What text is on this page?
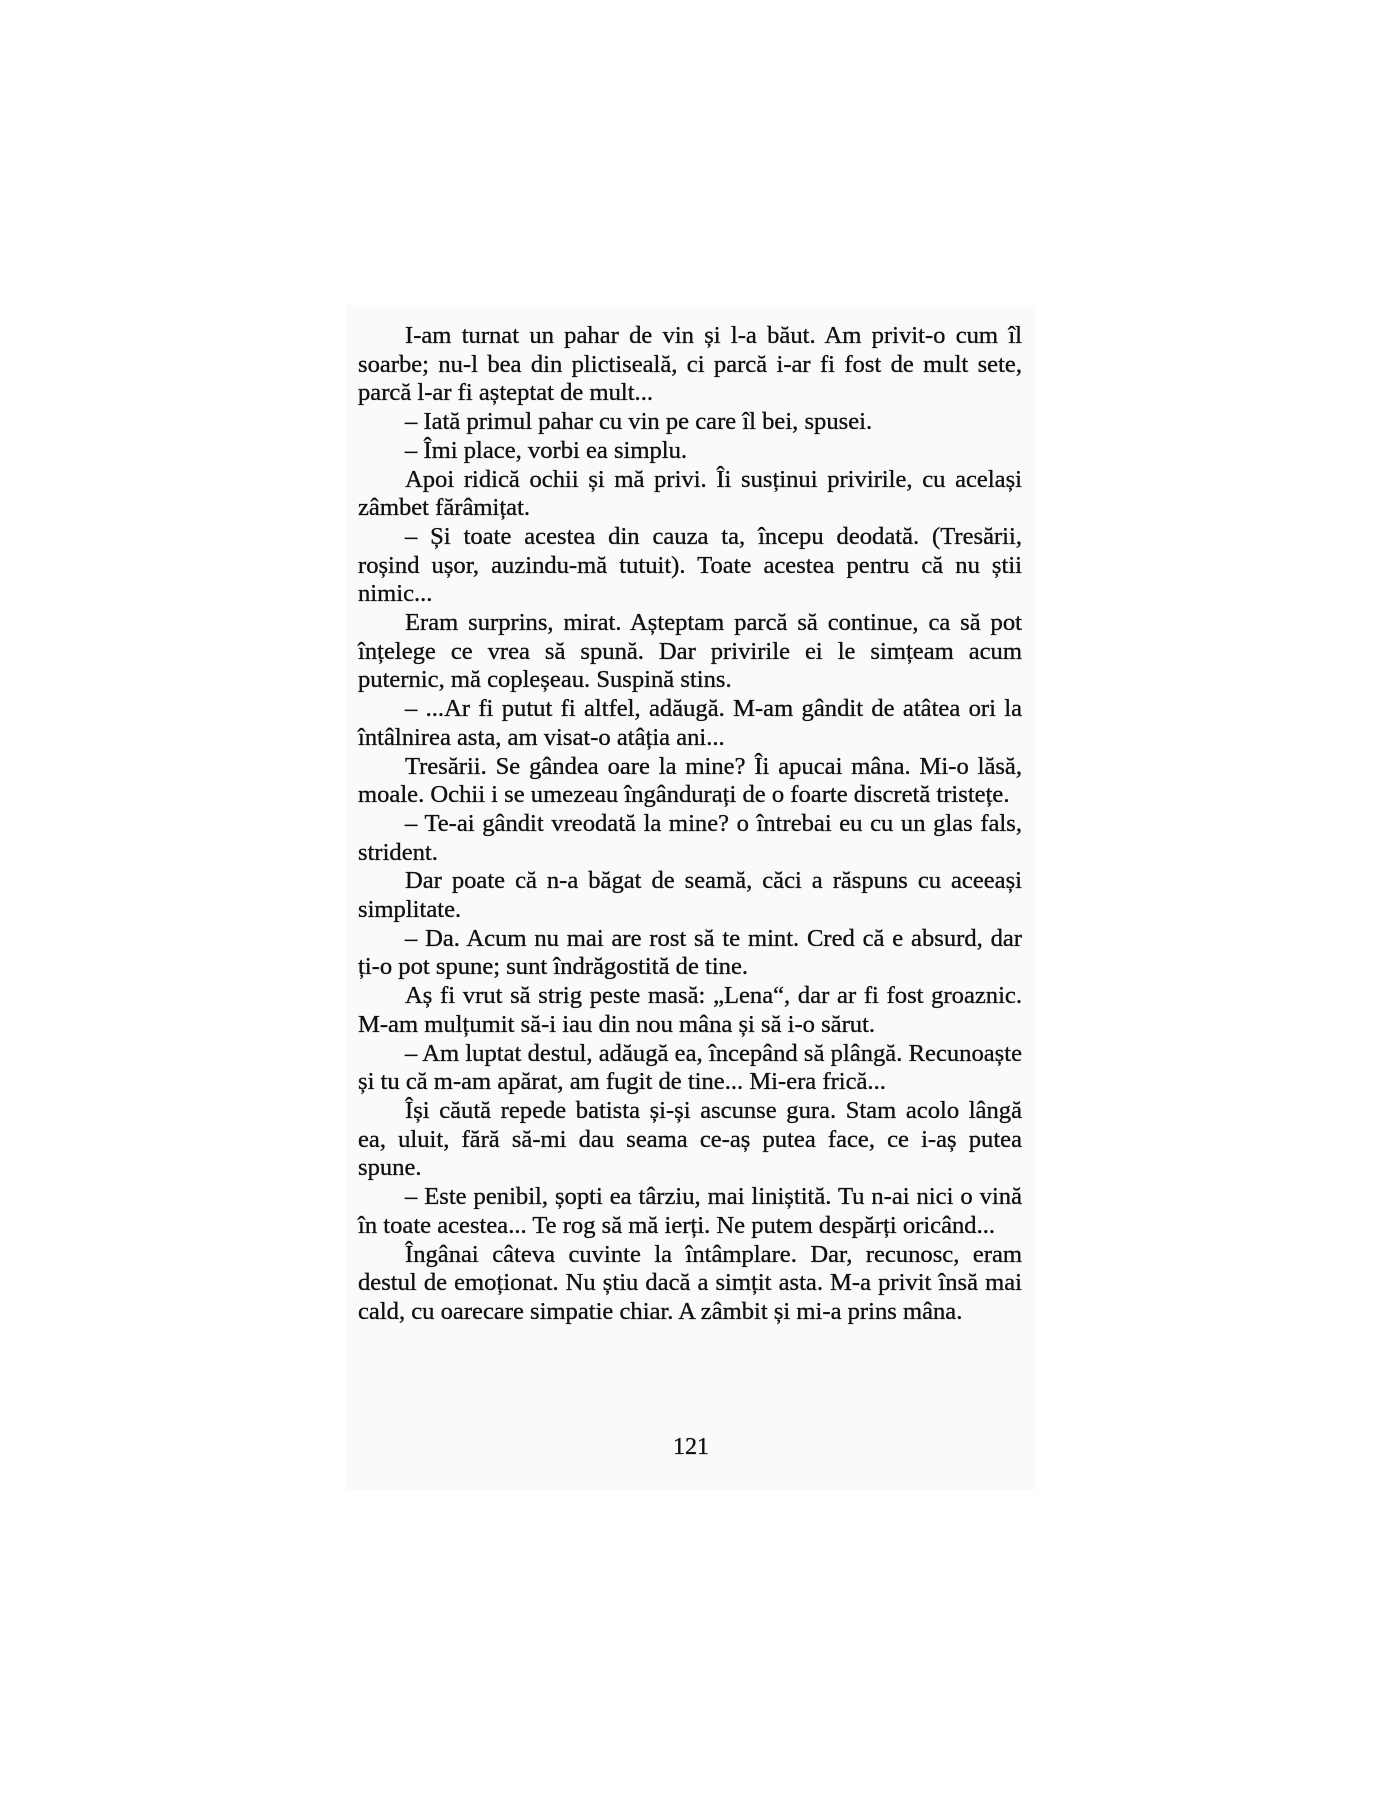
I-am turnat un pahar de vin și l-a băut. Am privit-o cum îl soarbe; nu-l bea din plictiseală, ci parcă i-ar fi fost de mult sete, parcă l-ar fi așteptat de mult...

– Iată primul pahar cu vin pe care îl bei, spusei.

– Îmi place, vorbi ea simplu.

Apoi ridică ochii și mă privi. Îi susținui privirile, cu același zâmbet fărâmițat.

– Și toate acestea din cauza ta, începu deodată. (Tresării, roșind ușor, auzindu-mă tutuit). Toate acestea pentru că nu știi nimic...

Eram surprins, mirat. Așteptam parcă să continue, ca să pot înțelege ce vrea să spună. Dar privirile ei le simțeam acum puternic, mă copleșeau. Suspină stins.

– ...Ar fi putut fi altfel, adăugă. M-am gândit de atâtea ori la întâlnirea asta, am visat-o atâția ani...

Tresării. Se gândea oare la mine? Îi apucai mâna. Mi-o lăsă, moale. Ochii i se umezeau îngândurați de o foarte discretă tristețe.

– Te-ai gândit vreodată la mine? o întrebai eu cu un glas fals, strident.

Dar poate că n-a băgat de seamă, căci a răspuns cu aceeași simplitate.

– Da. Acum nu mai are rost să te mint. Cred că e absurd, dar ți-o pot spune; sunt îndrăgostită de tine.

Aș fi vrut să strig peste masă: „Lena“, dar ar fi fost groaznic. M-am mulțumit să-i iau din nou mâna și să i-o sărut.

– Am luptat destul, adăugă ea, începând să plângă. Recunoaște și tu că m-am apărat, am fugit de tine... Mi-era frică...

Își căută repede batista și-și ascunse gura. Stam acolo lângă ea, uluit, fără să-mi dau seama ce-aș putea face, ce i-aș putea spune.

– Este penibil, șopti ea târziu, mai liniștită. Tu n-ai nici o vină în toate acestea... Te rog să mă ierți. Ne putem despărți oricând...

Îngânai câteva cuvinte la întâmplare. Dar, recunosc, eram destul de emoționat. Nu știu dacă a simțit asta. M-a privit însă mai cald, cu oarecare simpatie chiar. A zâmbit și mi-a prins mâna.

121
